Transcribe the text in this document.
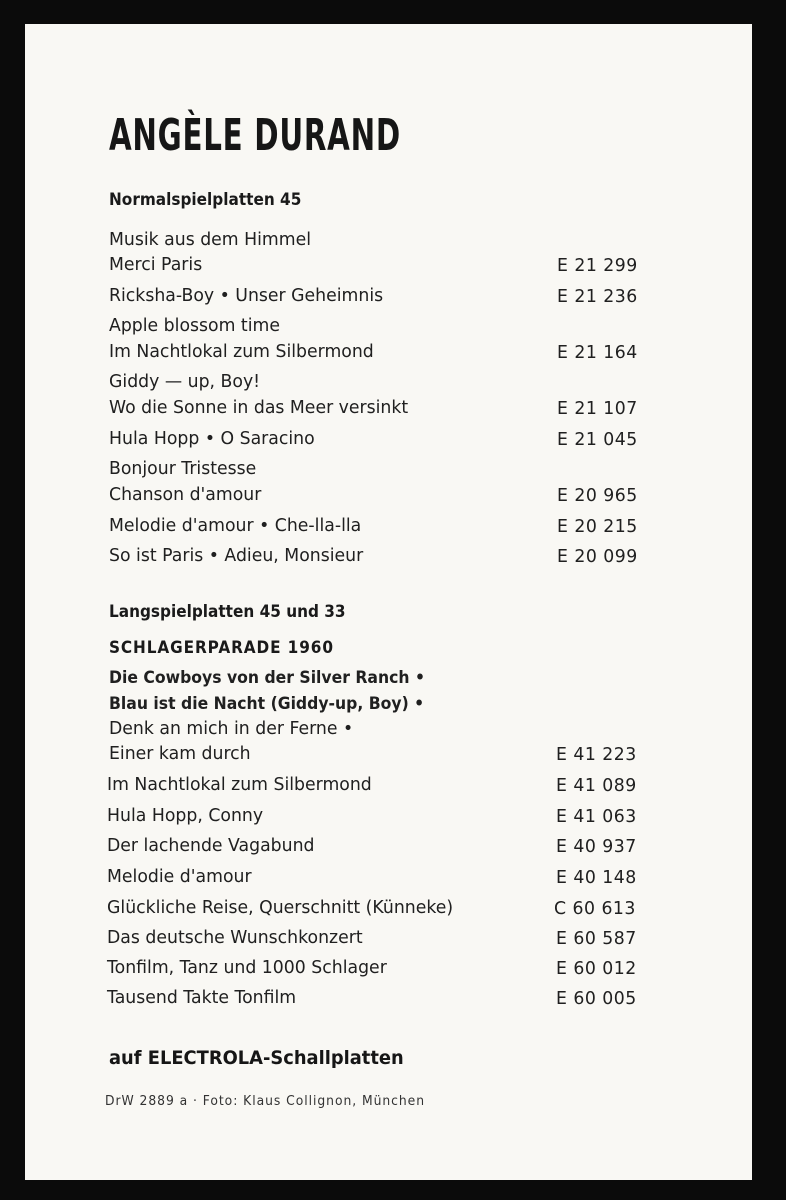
ANGÈLE DURAND
Normalspielplatten 45
Musik aus dem Himmel
Merci Paris	E 21 299
Ricksha-Boy • Unser Geheimnis	E 21 236
Apple blossom time
Im Nachtlokal zum Silbermond	E 21 164
Giddy — up, Boy!
Wo die Sonne in das Meer versinkt	E 21 107
Hula Hopp • O Saracino	E 21 045
Bonjour Tristesse
Chanson d'amour	E 20 965
Melodie d'amour • Che-lla-lla	E 20 215
So ist Paris • Adieu, Monsieur	E 20 099
Langspielplatten 45 und 33
SCHLAGERPARADE 1960
Die Cowboys von der Silver Ranch •
Blau ist die Nacht (Giddy-up, Boy) •
Denk an mich in der Ferne •
Einer kam durch	E 41 223
Im Nachtlokal zum Silbermond	E 41 089
Hula Hopp, Conny	E 41 063
Der lachende Vagabund	E 40 937
Melodie d'amour	E 40 148
Glückliche Reise, Querschnitt (Künneke)	C 60 613
Das deutsche Wunschkonzert	E 60 587
Tonfilm, Tanz und 1000 Schlager	E 60 012
Tausend Takte Tonfilm	E 60 005
auf ELECTROLA-Schallplatten
DrW 2889 a · Foto: Klaus Collignon, München
